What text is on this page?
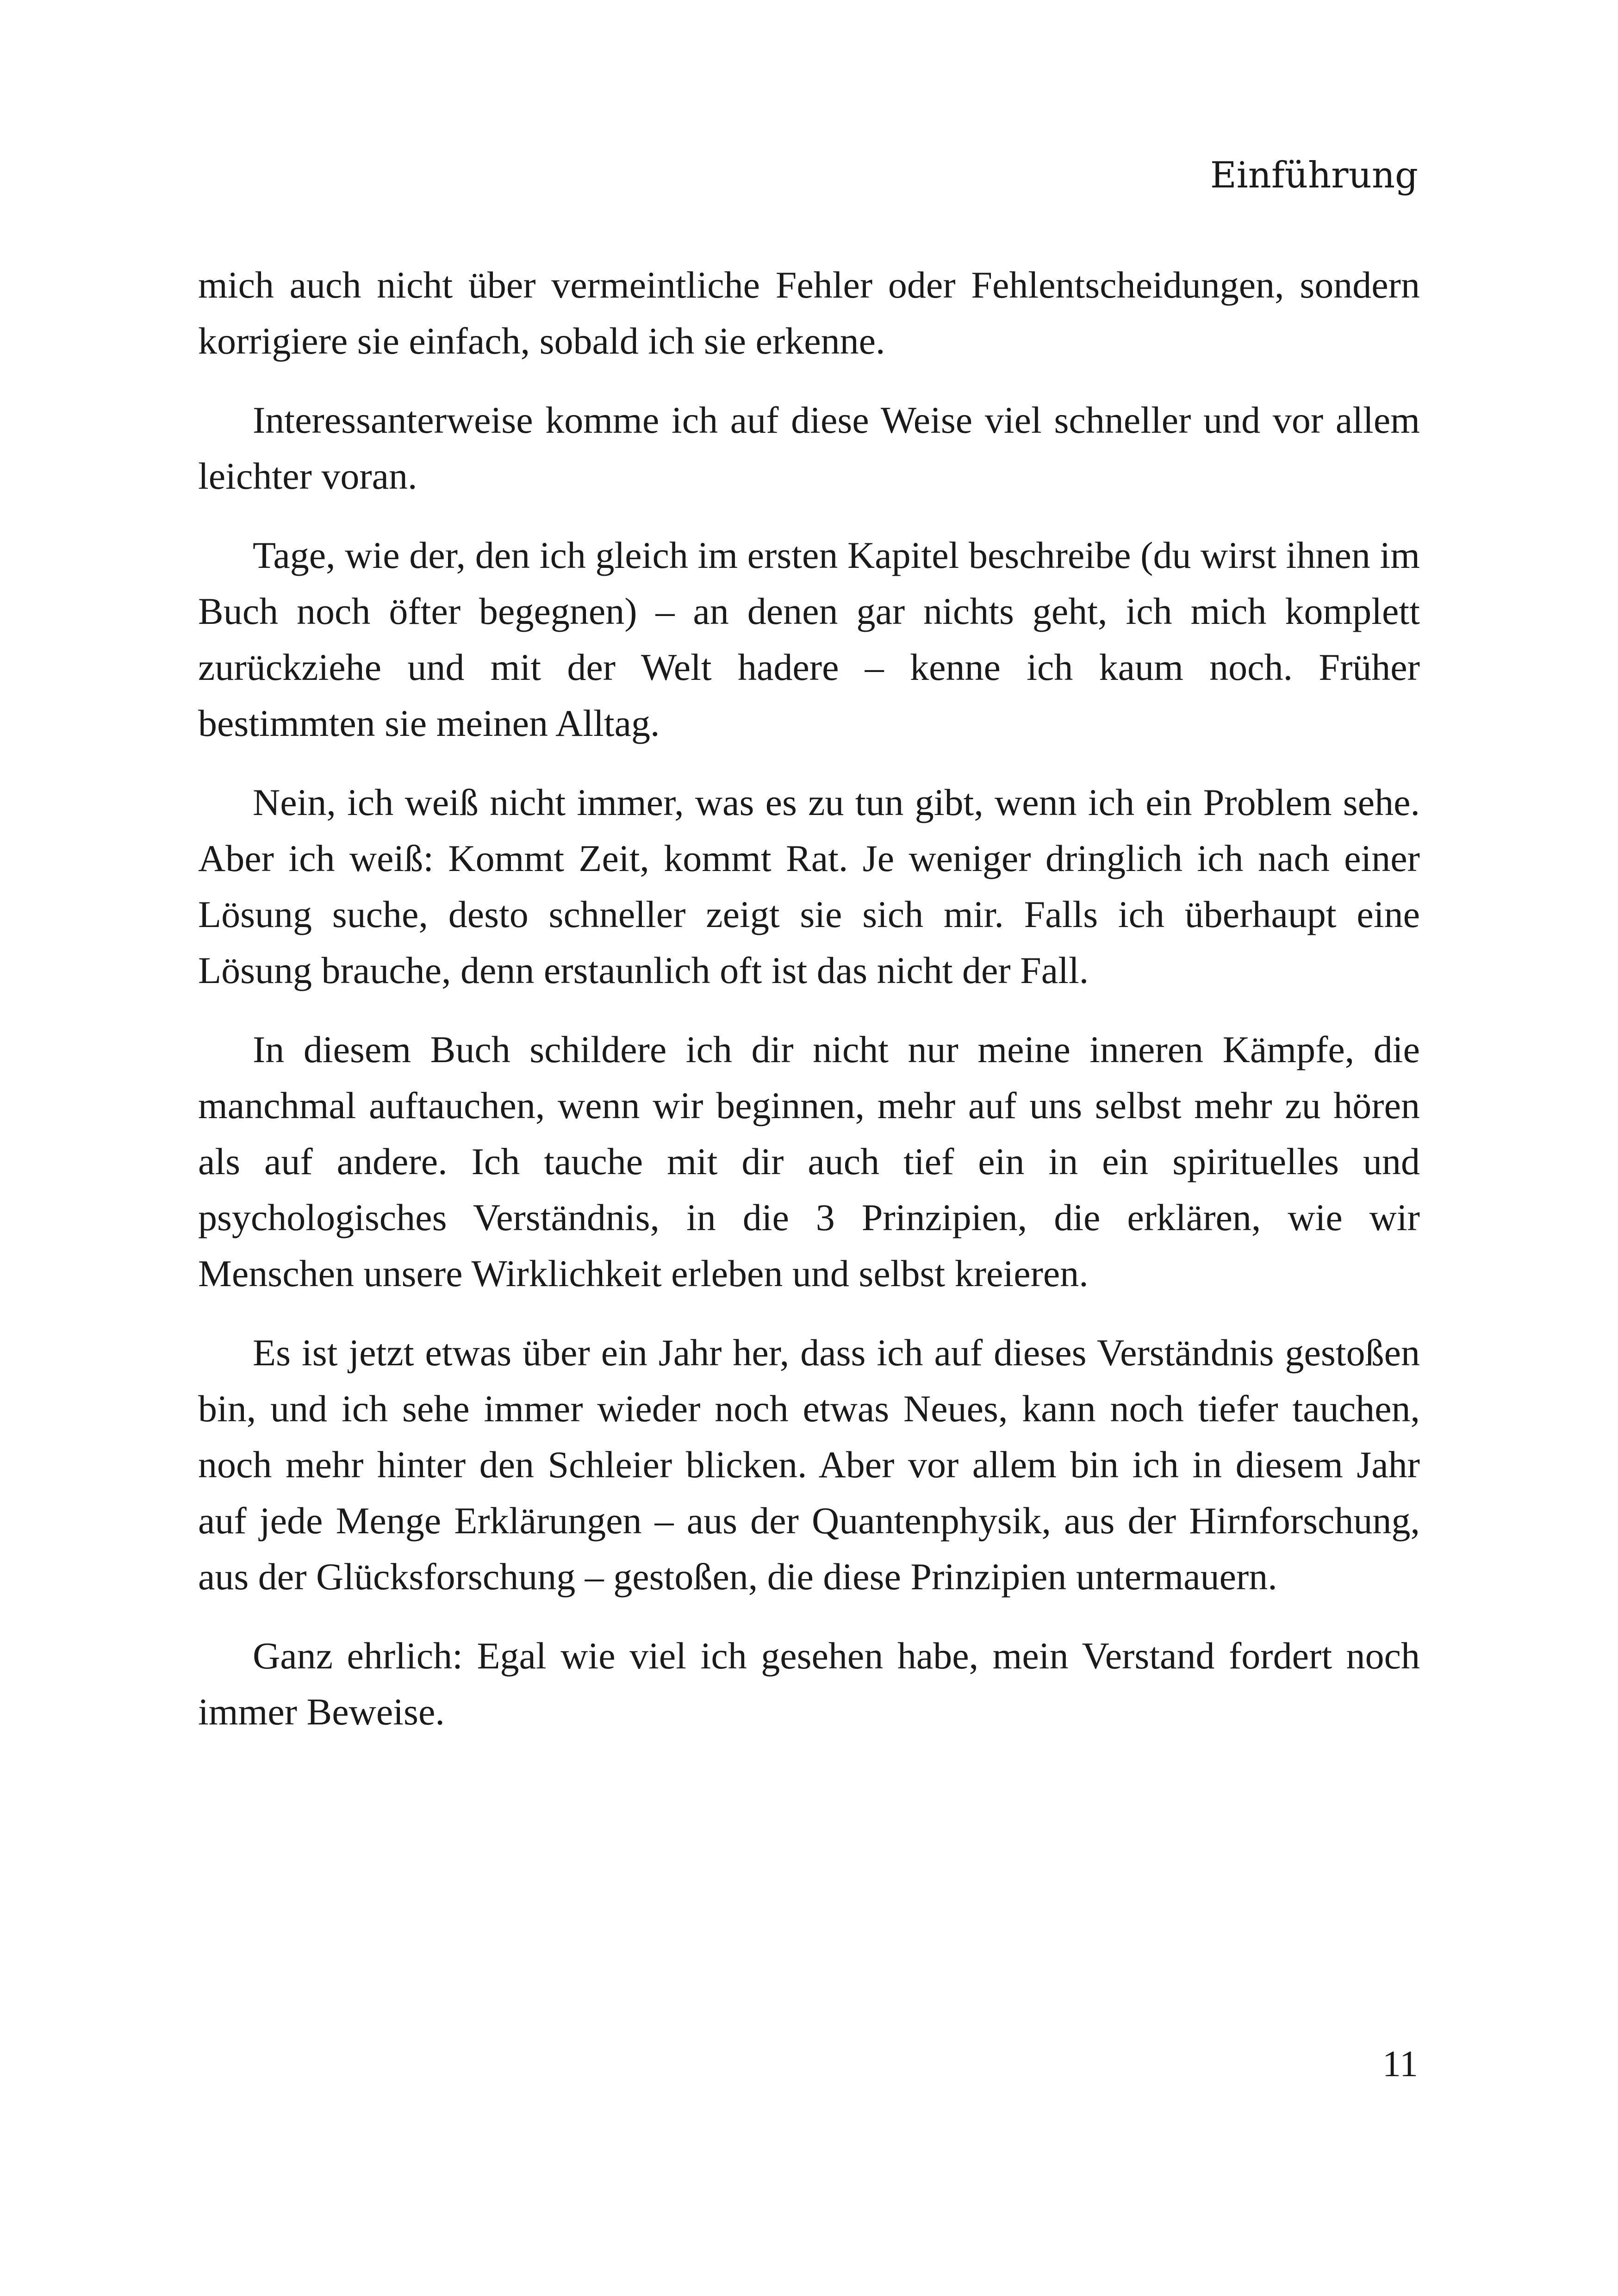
Einführung

mich auch nicht über vermeintliche Fehler oder Fehlentscheidungen, sondern korrigiere sie einfach, sobald ich sie erkenne.

Interessanterweise komme ich auf diese Weise viel schneller und vor allem leichter voran.

Tage, wie der, den ich gleich im ersten Kapitel beschreibe (du wirst ihnen im Buch noch öfter begegnen) – an denen gar nichts geht, ich mich komplett zurückziehe und mit der Welt hadere – kenne ich kaum noch. Früher bestimmten sie meinen Alltag.

Nein, ich weiß nicht immer, was es zu tun gibt, wenn ich ein Problem sehe. Aber ich weiß: Kommt Zeit, kommt Rat. Je weniger dringlich ich nach einer Lösung suche, desto schneller zeigt sie sich mir. Falls ich überhaupt eine Lösung brauche, denn erstaunlich oft ist das nicht der Fall.

In diesem Buch schildere ich dir nicht nur meine inneren Kämpfe, die manchmal auftauchen, wenn wir beginnen, mehr auf uns selbst mehr zu hören als auf andere. Ich tauche mit dir auch tief ein in ein spirituelles und psychologisches Verständnis, in die 3 Prinzipien, die erklären, wie wir Menschen unsere Wirklichkeit erleben und selbst kreieren.

Es ist jetzt etwas über ein Jahr her, dass ich auf dieses Verständnis gestoßen bin, und ich sehe immer wieder noch etwas Neues, kann noch tiefer tauchen, noch mehr hinter den Schleier blicken. Aber vor allem bin ich in diesem Jahr auf jede Menge Erklärungen – aus der Quantenphysik, aus der Hirnforschung, aus der Glücksforschung – gestoßen, die diese Prinzipien untermauern.

Ganz ehrlich: Egal wie viel ich gesehen habe, mein Verstand fordert noch immer Beweise.

11
